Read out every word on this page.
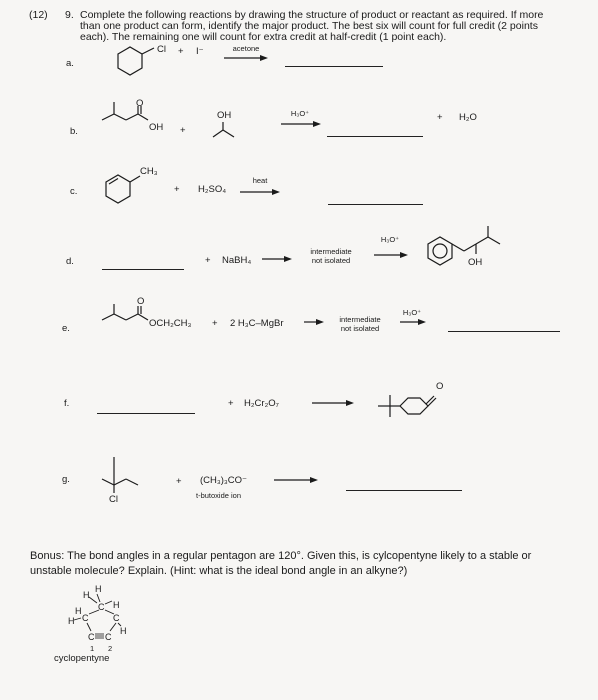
(12) 9. Complete the following reactions by drawing the structure of product or reactant as required. If more
than one product can form, identify the major product. The best six will count for full credit (2 points
each). The remaining one will count for extra credit at half-credit (1 point each).
a.
Cl + I⁻	acetone
b.
O
OH +
OH	H₃O⁺	+ H₂O
c.
CH₃
+ H₂SO₄
heat
d.	+ NaBH₄
intermediate
not isolated
H₃O⁺
OH
e.
O
OCH₂CH₃ + 2 H₃C–MgBr	intermediate
not isolated
H₃O⁺
f.	+ H₂Cr₂O₇
O
g.
Cl
+ (CH₃)₃CO⁻
t-butoxide ion
Bonus: The bond angles in a regular pentagon are 120°. Given this, is cylcopentyne likely to a stable or
unstable molecule? Explain. (Hint: what is the ideal bond angle in an alkyne?)
H
H
C H
H C	C
H
C C
H
1 2
cyclopentyne
